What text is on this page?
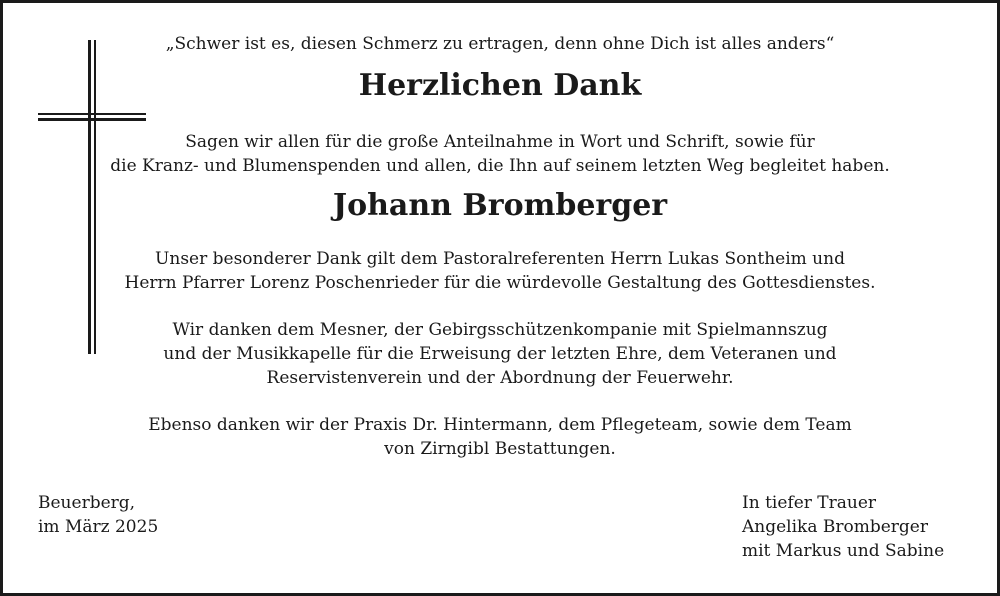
„Schwer ist es, diesen Schmerz zu ertragen, denn ohne Dich ist alles anders“
Herzlichen Dank
Sagen wir allen für die große Anteilnahme in Wort und Schrift, sowie für
die Kranz- und Blumenspenden und allen, die Ihn auf seinem letzten Weg begleitet haben.
Johann Bromberger
Unser besonderer Dank gilt dem Pastoralreferenten Herrn Lukas Sontheim und
Herrn Pfarrer Lorenz Poschenrieder für die würdevolle Gestaltung des Gottesdienstes.
Wir danken dem Mesner, der Gebirgsschützenkompanie mit Spielmannszug
und der Musikkapelle für die Erweisung der letzten Ehre, dem Veteranen und
Reservistenverein und der Abordnung der Feuerwehr.
Ebenso danken wir der Praxis Dr. Hintermann, dem Pflegeteam, sowie dem Team
von Zirngibl Bestattungen.
Beuerberg,
im März 2025
In tiefer Trauer
Angelika Bromberger
mit Markus und Sabine
